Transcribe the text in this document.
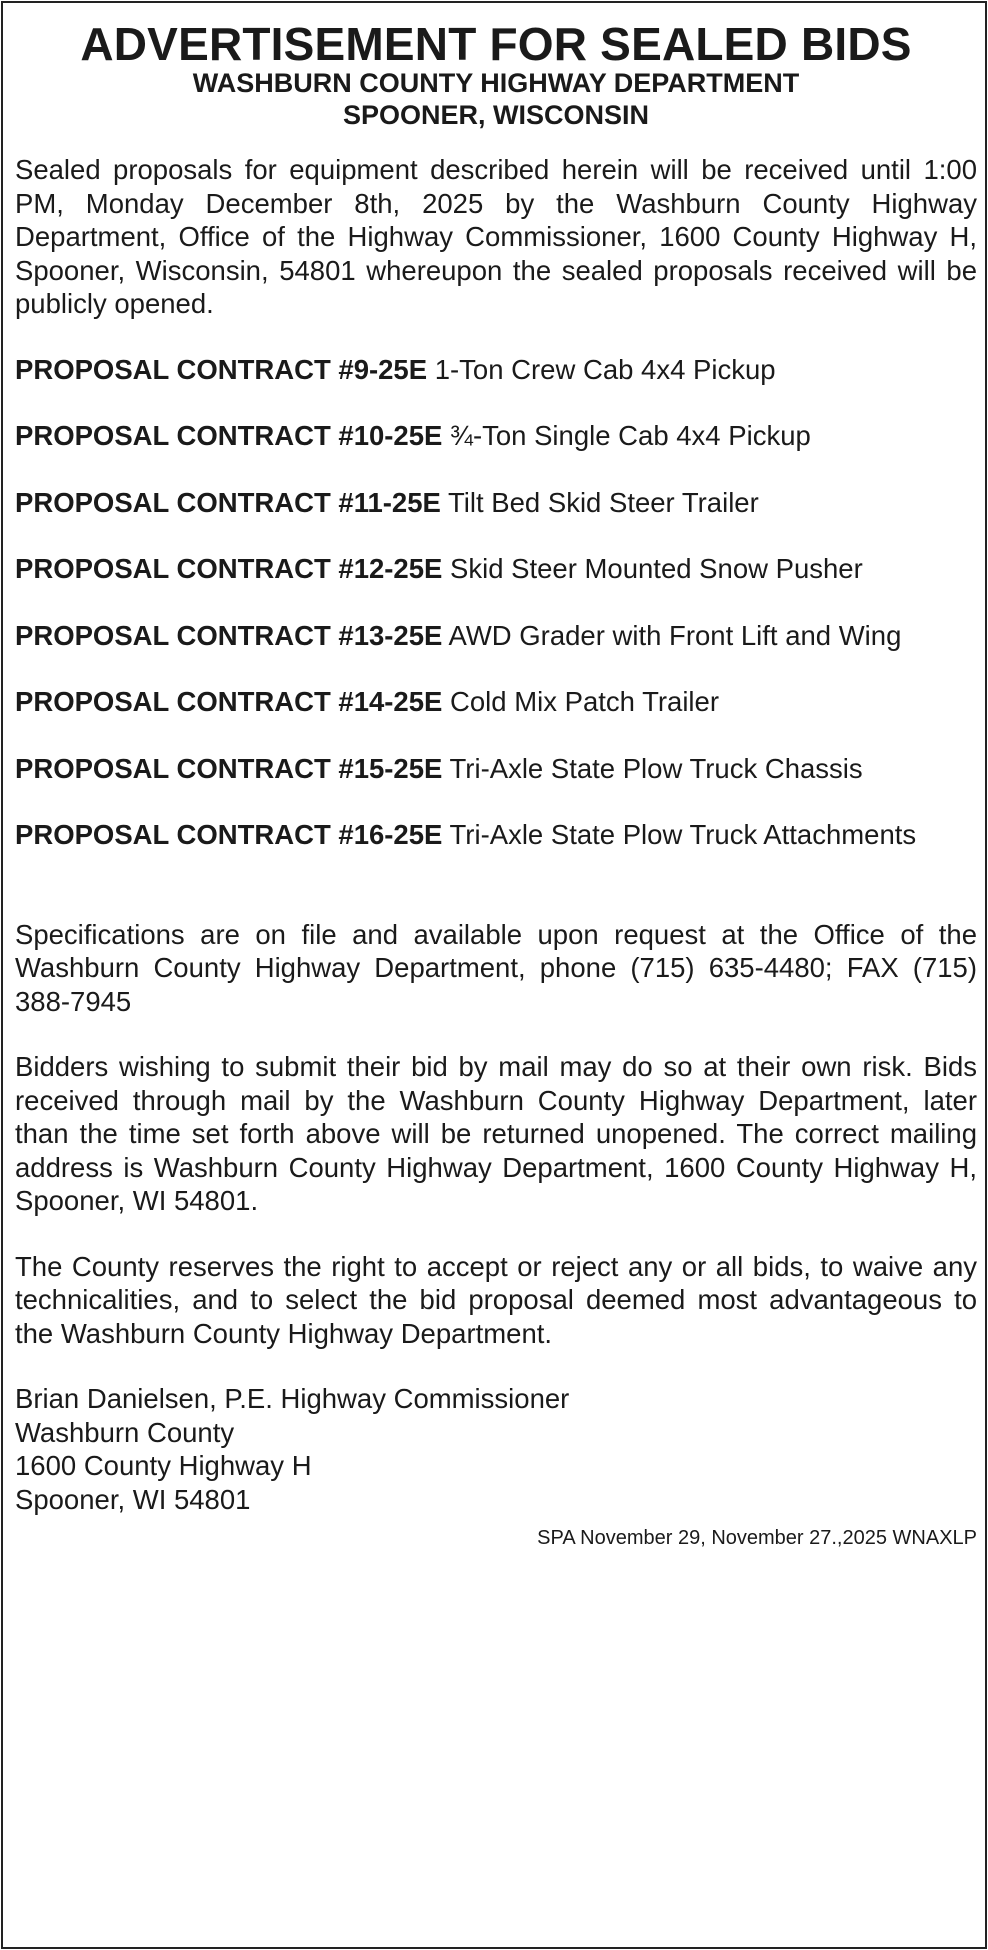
ADVERTISEMENT FOR SEALED BIDS
WASHBURN COUNTY HIGHWAY DEPARTMENT
SPOONER, WISCONSIN

Sealed proposals for equipment described herein will be received until 1:00 PM, Monday December 8th, 2025 by the Washburn County Highway Department, Office of the Highway Commissioner, 1600 County Highway H, Spooner, Wisconsin, 54801 whereupon the sealed proposals received will be publicly opened.

PROPOSAL CONTRACT #9-25E 1-Ton Crew Cab 4x4 Pickup

PROPOSAL CONTRACT #10-25E ¾-Ton Single Cab 4x4 Pickup

PROPOSAL CONTRACT #11-25E Tilt Bed Skid Steer Trailer

PROPOSAL CONTRACT #12-25E Skid Steer Mounted Snow Pusher

PROPOSAL CONTRACT #13-25E AWD Grader with Front Lift and Wing

PROPOSAL CONTRACT #14-25E Cold Mix Patch Trailer

PROPOSAL CONTRACT #15-25E Tri-Axle State Plow Truck Chassis

PROPOSAL CONTRACT #16-25E Tri-Axle State Plow Truck Attachments

Specifications are on file and available upon request at the Office of the Washburn County Highway Department, phone (715) 635-4480; FAX (715) 388-7945

Bidders wishing to submit their bid by mail may do so at their own risk. Bids received through mail by the Washburn County Highway Department, later than the time set forth above will be returned unopened. The correct mailing address is Washburn County Highway Department, 1600 County Highway H, Spooner, WI 54801.

The County reserves the right to accept or reject any or all bids, to waive any technicalities, and to select the bid proposal deemed most advantageous to the Washburn County Highway Department.

Brian Danielsen, P.E. Highway Commissioner

Washburn County

1600 County Highway H

Spooner, WI 54801

SPA November 29, November 27.,2025 WNAXLP
